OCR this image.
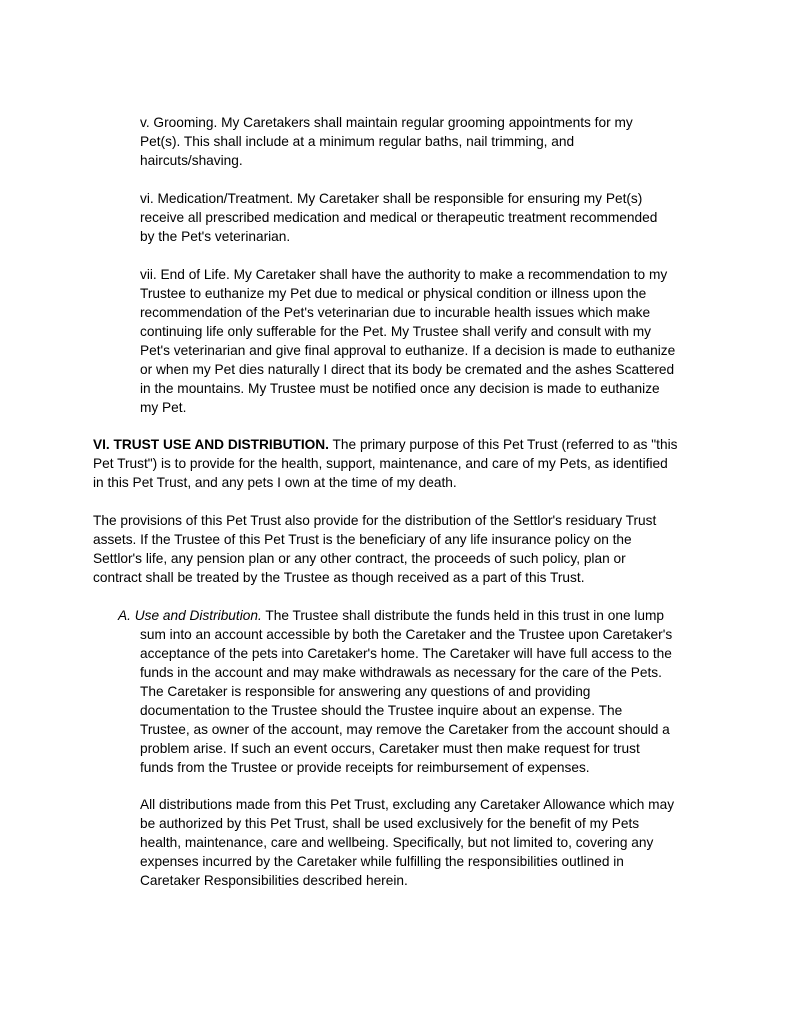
v. Grooming. My Caretakers shall maintain regular grooming appointments for my
Pet(s). This shall include at a minimum regular baths, nail trimming, and
haircuts/shaving.

vi. Medication/Treatment. My Caretaker shall be responsible for ensuring my Pet(s)
receive all prescribed medication and medical or therapeutic treatment recommended
by the Pet's veterinarian.

vii. End of Life. My Caretaker shall have the authority to make a recommendation to my
Trustee to euthanize my Pet due to medical or physical condition or illness upon the
recommendation of the Pet's veterinarian due to incurable health issues which make
continuing life only sufferable for the Pet. My Trustee shall verify and consult with my
Pet's veterinarian and give final approval to euthanize. If a decision is made to euthanize
or when my Pet dies naturally I direct that its body be cremated and the ashes Scattered
in the mountains. My Trustee must be notified once any decision is made to euthanize
my Pet.

VI. TRUST USE AND DISTRIBUTION. The primary purpose of this Pet Trust (referred to as "this
Pet Trust") is to provide for the health, support, maintenance, and care of my Pets, as identified
in this Pet Trust, and any pets I own at the time of my death.

The provisions of this Pet Trust also provide for the distribution of the Settlor's residuary Trust
assets. If the Trustee of this Pet Trust is the beneficiary of any life insurance policy on the
Settlor's life, any pension plan or any other contract, the proceeds of such policy, plan or
contract shall be treated by the Trustee as though received as a part of this Trust.

A. Use and Distribution. The Trustee shall distribute the funds held in this trust in one lump
sum into an account accessible by both the Caretaker and the Trustee upon Caretaker's
acceptance of the pets into Caretaker's home. The Caretaker will have full access to the
funds in the account and may make withdrawals as necessary for the care of the Pets.
The Caretaker is responsible for answering any questions of and providing
documentation to the Trustee should the Trustee inquire about an expense. The
Trustee, as owner of the account, may remove the Caretaker from the account should a
problem arise. If such an event occurs, Caretaker must then make request for trust
funds from the Trustee or provide receipts for reimbursement of expenses.

All distributions made from this Pet Trust, excluding any Caretaker Allowance which may
be authorized by this Pet Trust, shall be used exclusively for the benefit of my Pets
health, maintenance, care and wellbeing. Specifically, but not limited to, covering any
expenses incurred by the Caretaker while fulfilling the responsibilities outlined in
Caretaker Responsibilities described herein.
